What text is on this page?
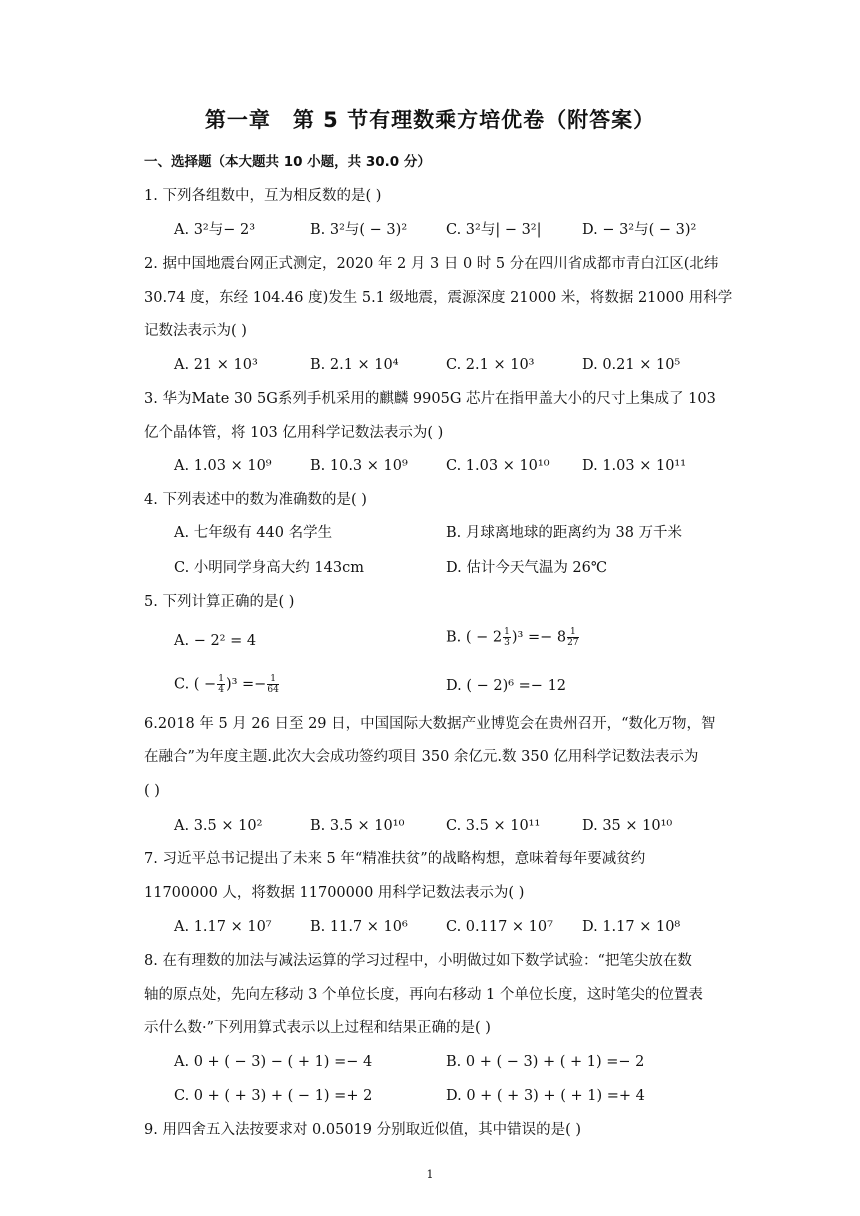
第一章　第 5 节有理数乘方培优卷（附答案）
一、选择题（本大题共 10 小题，共 30.0 分）
1. 下列各组数中，互为相反数的是( )
A. 3²与− 2³	B. 3²与( − 3)²	C. 3²与| − 3²|	D. − 3²与( − 3)²
2. 据中国地震台网正式测定，2020 年 2 月 3 日 0 时 5 分在四川省成都市青白江区(北纬
30.74 度，东经 104.46 度)发生 5.1 级地震，震源深度 21000 米，将数据 21000 用科学
记数法表示为( )
A. 21 × 10³	B. 2.1 × 10⁴	C. 2.1 × 10³	D. 0.21 × 10⁵
3. 华为Mate 30 5G系列手机采用的麒麟 9905G 芯片在指甲盖大小的尺寸上集成了 103
亿个晶体管，将 103 亿用科学记数法表示为( )
A. 1.03 × 10⁹	B. 10.3 × 10⁹	C. 1.03 × 10¹⁰ D. 1.03 × 10¹¹
4. 下列表述中的数为准确数的是( )
A. 七年级有 440 名学生	B. 月球离地球的距离约为 38 万千米
C. 小明同学身高大约 143cm	D. 估计今天气温为 26℃
5. 下列计算正确的是( )
A. − 2² = 4	B. ( − $2 \frac{1}{3} )^3 =- 8 \frac{1}{27}$
C. ( − $\frac{1}{4} )^3 =- \frac{1}{64}$	D. ( − 2)⁶ =− 12
6.2018 年 5 月 26 日至 29 日，中国国际大数据产业博览会在贵州召开，“数化万物，智
在融合”为年度主题.此次大会成功签约项目 350 余亿元.数 350 亿用科学记数法表示为
( )
A. 3.5 × 10²	B. 3.5 × 10¹⁰	C. 3.5 × 10¹¹	D. 35 × 10¹⁰
7. 习近平总书记提出了未来 5 年“精准扶贫”的战略构想，意味着每年要减贫约
11700000 人，将数据 11700000 用科学记数法表示为( )
A. 1.17 × 10⁷	B. 11.7 × 10⁶	C. 0.117 × 10⁷ D. 1.17 × 10⁸
8. 在有理数的加法与减法运算的学习过程中，小明做过如下数学试验：“把笔尖放在数
轴的原点处，先向左移动 3 个单位长度，再向右移动 1 个单位长度，这时笔尖的位置表
示什么数·”下列用算式表示以上过程和结果正确的是( )
A. 0 + ( − 3) − ( + 1) =− 4	B. 0 + ( − 3) + ( + 1) =− 2
C. 0 + ( + 3) + ( − 1) =+ 2	D. 0 + ( + 3) + ( + 1) =+ 4
9. 用四舍五入法按要求对 0.05019 分别取近似值，其中错误的是( )
1
